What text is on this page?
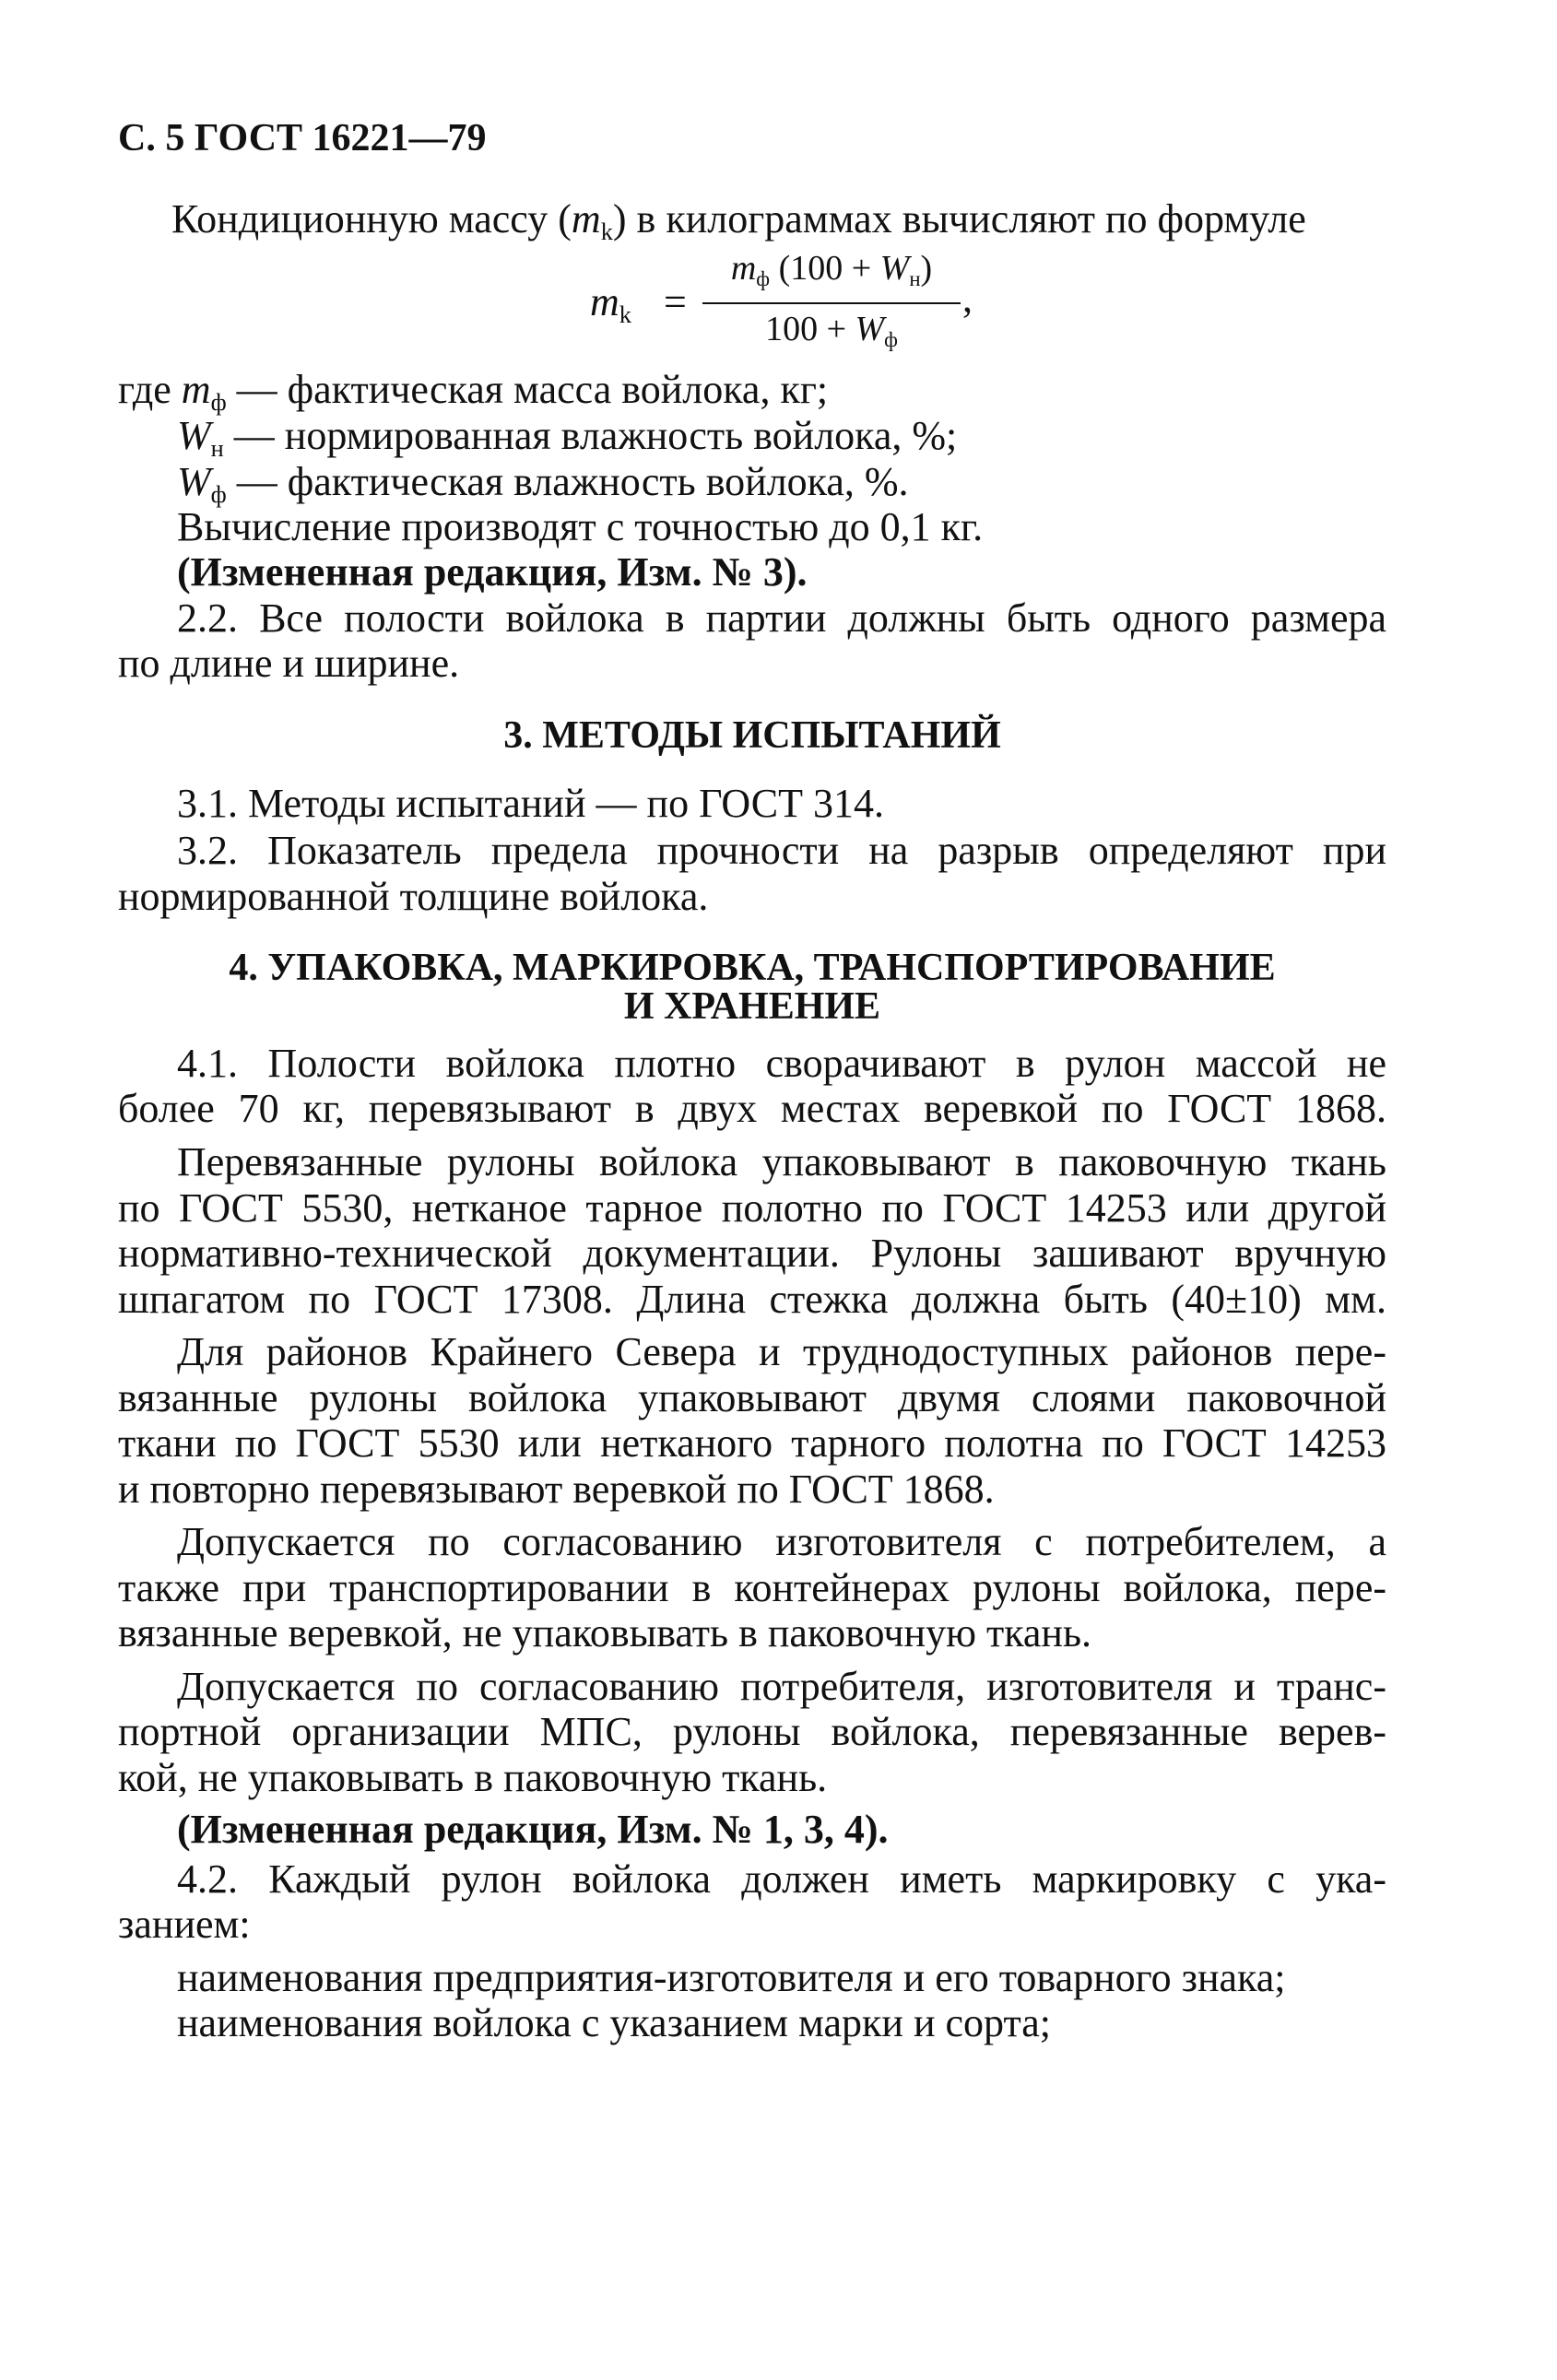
С. 5 ГОСТ 16221—79
Кондиционную массу $(m_k)$ в килограммах вычисляют по формуле
$m_k$ =
$m_ф$ $(100 + W_н)$
$100 + W_ф$
,
где $m_ф$ — фактическая масса войлока, кг;
$W_н$ — нормированная влажность войлока, %;
$W_ф$ — фактическая влажность войлока, %.
Вычисление производят с точностью до 0,1 кг.
(Измененная редакция, Изм. № 3).
2.2. Все полости войлока в партии должны быть одного размера
по длине и ширине.
3. МЕТОДЫ ИСПЫТАНИЙ
3.1. Методы испытаний — по ГОСТ 314.
3.2. Показатель предела прочности на разрыв определяют при
нормированной толщине войлока.
4. УПАКОВКА, МАРКИРОВКА, ТРАНСПОРТИРОВАНИЕ
И ХРАНЕНИЕ
4.1. Полости войлока плотно сворачивают в рулон массой не
более 70 кг, перевязывают в двух местах веревкой по ГОСТ 1868.
Перевязанные рулоны войлока упаковывают в паковочную ткань
по ГОСТ 5530, нетканое тарное полотно по ГОСТ 14253 или другой
нормативно-технической документации. Рулоны зашивают вручную
шпагатом по ГОСТ 17308. Длина стежка должна быть (40±10) мм.
Для районов Крайнего Севера и труднодоступных районов пере-
вязанные рулоны войлока упаковывают двумя слоями паковочной
ткани по ГОСТ 5530 или нетканого тарного полотна по ГОСТ 14253
и повторно перевязывают веревкой по ГОСТ 1868.
Допускается по согласованию изготовителя с потребителем, а
также при транспортировании в контейнерах рулоны войлока, пере-
вязанные веревкой, не упаковывать в паковочную ткань.
Допускается по согласованию потребителя, изготовителя и транс-
портной организации МПС, рулоны войлока, перевязанные верев-
кой, не упаковывать в паковочную ткань.
(Измененная редакция, Изм. № 1, 3, 4).
4.2. Каждый рулон войлока должен иметь маркировку с ука-
занием:
наименования предприятия-изготовителя и его товарного знака;
наименования войлока с указанием марки и сорта;
